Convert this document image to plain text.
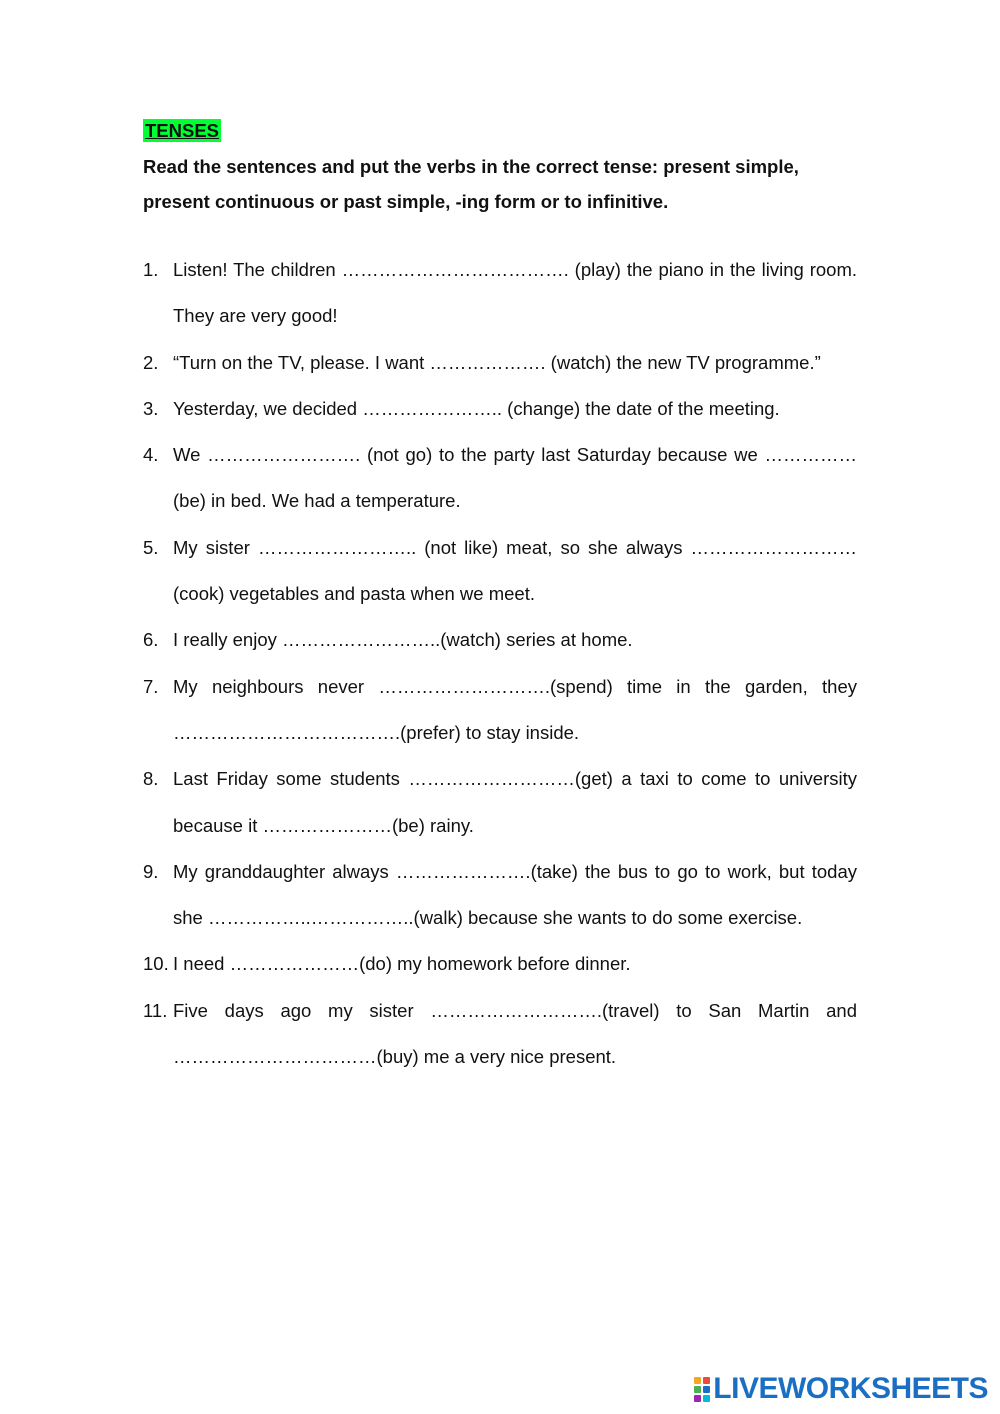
TENSES
Read the sentences and put the verbs in the correct tense: present simple, present continuous or past simple, -ing form or to infinitive.
1. Listen! The children ………………………………. (play) the piano in the living room. They are very good!
2. “Turn on the TV, please. I want ………………. (watch) the new TV programme.”
3. Yesterday, we decided ………………….. (change) the date of the meeting.
4. We ……………………. (not go) to the party last Saturday because we …………… (be) in bed. We had a temperature.
5. My sister …………………….. (not like) meat, so she always ……………………… (cook) vegetables and pasta when we meet.
6. I really enjoy ……………………..(watch) series at home.
7. My neighbours never ……………………….(spend) time in the garden, they ……………………………….(prefer) to stay inside.
8. Last Friday some students ………………………(get) a taxi to come to university because it …………………(be) rainy.
9. My granddaughter always ………………….(take) the bus to go to work, but today she ……………..……………..(walk) because she wants to do some exercise.
10. I need …………………(do) my homework before dinner.
11. Five days ago my sister ……………………….(travel) to San Martin and ……………………………(buy) me a very nice present.
LIVEWORKSHEETS
